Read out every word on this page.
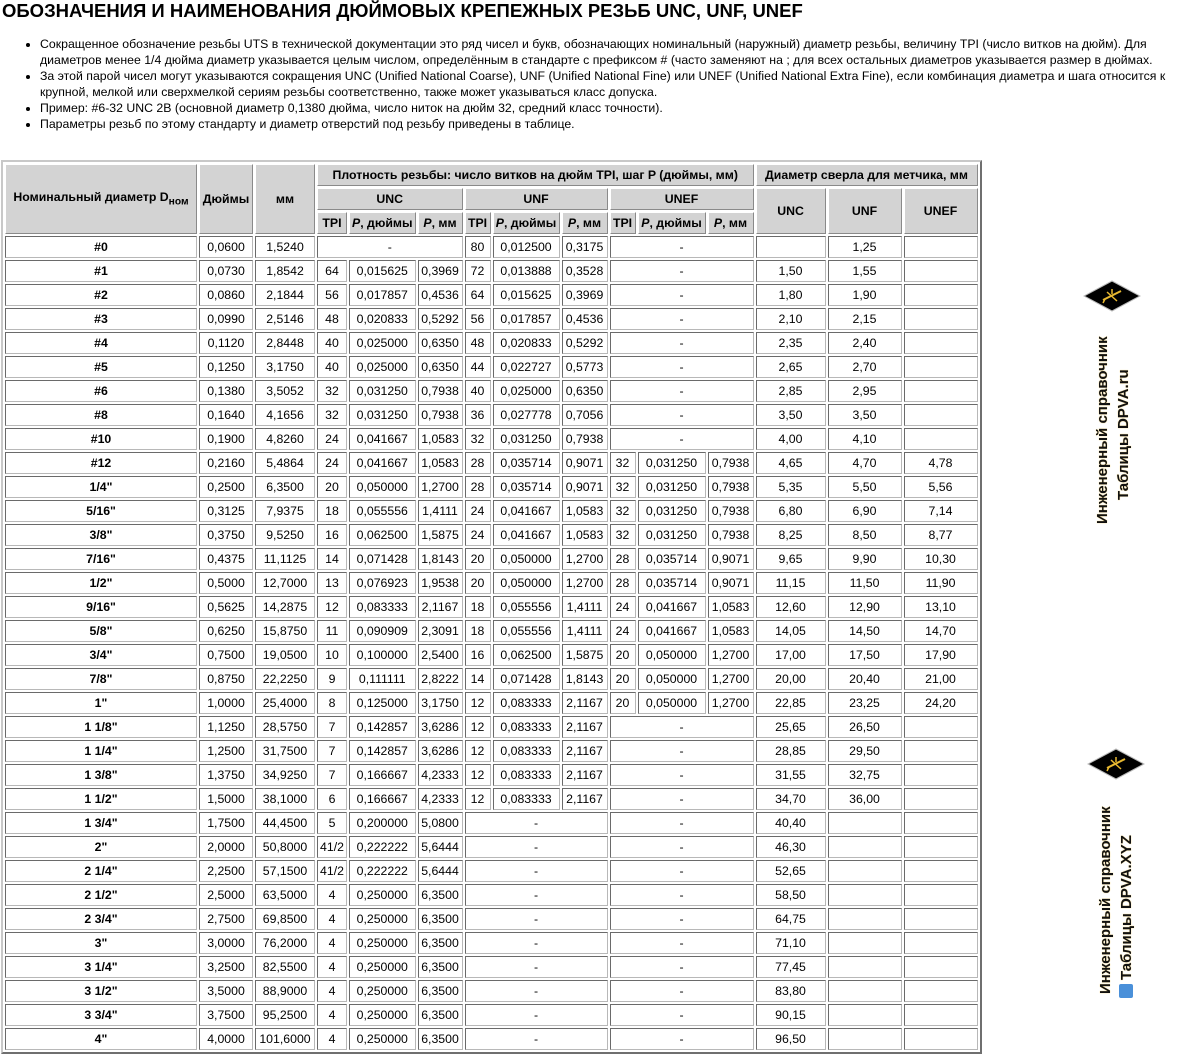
ОБОЗНАЧЕНИЯ И НАИМЕНОВАНИЯ ДЮЙМОВЫХ КРЕПЕЖНЫХ РЕЗЬБ UNC, UNF, UNEF
• Сокращенное обозначение резьбы UTS в технической документации это ряд чисел и букв, обозначающих номинальный (наружный) диаметр резьбы, величину TPI (число витков на дюйм). Для диаметров менее 1/4 дюйма диаметр указывается целым числом, определённым в стандарте с префиксом # (часто заменяют на ; для всех остальных диаметров указывается размер в дюймах.
• За этой парой чисел могут указываются сокращения UNC (Unified National Coarse), UNF (Unified National Fine) или UNEF (Unified National Extra Fine), если комбинация диаметра и шага относится к крупной, мелкой или сверхмелкой сериям резьбы соответственно, также может указываться класс допуска.
• Пример: #6-32 UNC 2B (основной диаметр 0,1380 дюйма, число ниток на дюйм 32, средний класс точности).
• Параметры резьб по этому стандарту и диаметр отверстий под резьбу приведены в таблице.
Номинальный диаметр $D_{ном}$	Дюймы	мм	Плотность резьбы: число витков на дюйм TPI, шаг P (дюймы, мм)									Диаметр сверла для метчика, мм		
			UNC			UNF			UNEF			UNC	UNF	UNEF
			TPI	P, дюймы	P, мм	TPI	P, дюймы	P, мм	TPI	P, дюймы	P, мм			
#0	0,0600	1,5240	-			80	0,012500	0,3175	-				1,25	
#1	0,0730	1,8542	64	0,015625	0,3969	72	0,013888	0,3528	-			1,50	1,55	
#2	0,0860	2,1844	56	0,017857	0,4536	64	0,015625	0,3969	-			1,80	1,90	
#3	0,0990	2,5146	48	0,020833	0,5292	56	0,017857	0,4536	-			2,10	2,15	
#4	0,1120	2,8448	40	0,025000	0,6350	48	0,020833	0,5292	-			2,35	2,40	
#5	0,1250	3,1750	40	0,025000	0,6350	44	0,022727	0,5773	-			2,65	2,70	
#6	0,1380	3,5052	32	0,031250	0,7938	40	0,025000	0,6350	-			2,85	2,95	
#8	0,1640	4,1656	32	0,031250	0,7938	36	0,027778	0,7056	-			3,50	3,50	
#10	0,1900	4,8260	24	0,041667	1,0583	32	0,031250	0,7938	-			4,00	4,10	
#12	0,2160	5,4864	24	0,041667	1,0583	28	0,035714	0,9071	32	0,031250	0,7938	4,65	4,70	4,78
1/4"	0,2500	6,3500	20	0,050000	1,2700	28	0,035714	0,9071	32	0,031250	0,7938	5,35	5,50	5,56
5/16"	0,3125	7,9375	18	0,055556	1,4111	24	0,041667	1,0583	32	0,031250	0,7938	6,80	6,90	7,14
3/8"	0,3750	9,5250	16	0,062500	1,5875	24	0,041667	1,0583	32	0,031250	0,7938	8,25	8,50	8,77
7/16"	0,4375	11,1125	14	0,071428	1,8143	20	0,050000	1,2700	28	0,035714	0,9071	9,65	9,90	10,30
1/2"	0,5000	12,7000	13	0,076923	1,9538	20	0,050000	1,2700	28	0,035714	0,9071	11,15	11,50	11,90
9/16"	0,5625	14,2875	12	0,083333	2,1167	18	0,055556	1,4111	24	0,041667	1,0583	12,60	12,90	13,10
5/8"	0,6250	15,8750	11	0,090909	2,3091	18	0,055556	1,4111	24	0,041667	1,0583	14,05	14,50	14,70
3/4"	0,7500	19,0500	10	0,100000	2,5400	16	0,062500	1,5875	20	0,050000	1,2700	17,00	17,50	17,90
7/8"	0,8750	22,2250	9	0,111111	2,8222	14	0,071428	1,8143	20	0,050000	1,2700	20,00	20,40	21,00
1"	1,0000	25,4000	8	0,125000	3,1750	12	0,083333	2,1167	20	0,050000	1,2700	22,85	23,25	24,20
1 1/8"	1,1250	28,5750	7	0,142857	3,6286	12	0,083333	2,1167	-			25,65	26,50	
1 1/4"	1,2500	31,7500	7	0,142857	3,6286	12	0,083333	2,1167	-			28,85	29,50	
1 3/8"	1,3750	34,9250	7	0,166667	4,2333	12	0,083333	2,1167	-			31,55	32,75	
1 1/2"	1,5000	38,1000	6	0,166667	4,2333	12	0,083333	2,1167	-			34,70	36,00	
1 3/4"	1,7500	44,4500	5	0,200000	5,0800	-			-			40,40		
2"	2,0000	50,8000	41/2	0,222222	5,6444	-			-			46,30		
2 1/4"	2,2500	57,1500	41/2	0,222222	5,6444	-			-			52,65		
2 1/2"	2,5000	63,5000	4	0,250000	6,3500	-			-			58,50		
2 3/4"	2,7500	69,8500	4	0,250000	6,3500	-			-			64,75		
3"	3,0000	76,2000	4	0,250000	6,3500	-			-			71,10		
3 1/4"	3,2500	82,5500	4	0,250000	6,3500	-			-			77,45		
3 1/2"	3,5000	88,9000	4	0,250000	6,3500	-			-			83,80		
3 3/4"	3,7500	95,2500	4	0,250000	6,3500	-			-			90,15		
4"	4,0000	101,6000	4	0,250000	6,3500	-			-			96,50		
Инженерный справочник Таблицы DPVA.ru
Инженерный справочник Таблицы DPVA.XYZ
